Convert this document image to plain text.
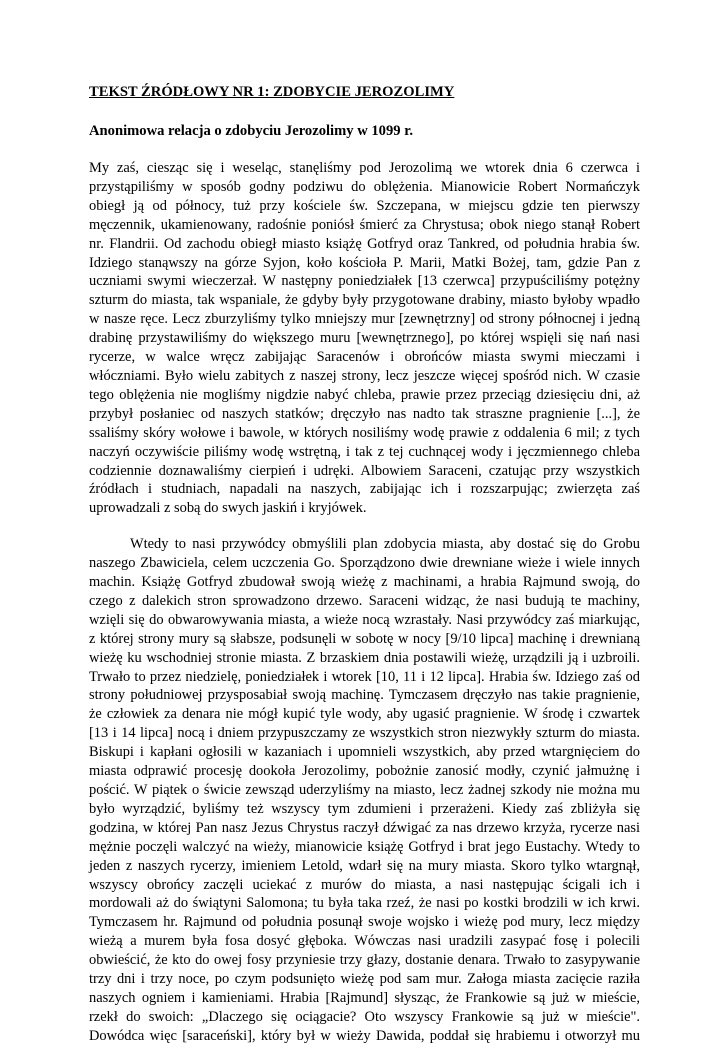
TEKST ŹRÓDŁOWY NR 1: ZDOBYCIE JEROZOLIMY
Anonimowa relacja o zdobyciu Jerozolimy w 1099 r.
My zaś, ciesząc się i weseląc, stanęliśmy pod Jerozolimą we wtorek dnia 6 czerwca i
przystąpiliśmy w sposób godny podziwu do oblężenia. Mianowicie Robert Normańczyk
obiegł ją od północy, tuż przy kościele św. Szczepana, w miejscu gdzie ten pierwszy
męczennik, ukamienowany, radośnie poniósł śmierć za Chrystusa; obok niego stanął Robert
nr. Flandrii. Od zachodu obiegł miasto książę Gotfryd oraz Tankred, od południa hrabia św.
Idziego stanąwszy na górze Syjon, koło kościoła P. Marii, Matki Bożej, tam, gdzie Pan z
uczniami swymi wieczerzał. W następny poniedziałek [13 czerwca] przypuściliśmy potężny
szturm do miasta, tak wspaniale, że gdyby były przygotowane drabiny, miasto byłoby wpadło
w nasze ręce. Lecz zburzyliśmy tylko mniejszy mur [zewnętrzny] od strony północnej i jedną
drabinę przystawiliśmy do większego muru [wewnętrznego], po której wspięli się nań nasi
rycerze, w walce wręcz zabijając Saracenów i obrońców miasta swymi mieczami i
włóczniami. Było wielu zabitych z naszej strony, lecz jeszcze więcej spośród nich. W czasie
tego oblężenia nie mogliśmy nigdzie nabyć chleba, prawie przez przeciąg dziesięciu dni, aż
przybył posłaniec od naszych statków; dręczyło nas nadto tak straszne pragnienie [...], że
ssaliśmy skóry wołowe i bawole, w których nosiliśmy wodę prawie z oddalenia 6 mil; z tych
naczyń oczywiście piliśmy wodę wstrętną, i tak z tej cuchnącej wody i jęczmiennego chleba
codziennie doznawaliśmy cierpień i udręki. Albowiem Saraceni, czatując przy wszystkich
źródłach i studniach, napadali na naszych, zabijając ich i rozszarpując; zwierzęta zaś
uprowadzali z sobą do swych jaskiń i kryjówek.
Wtedy to nasi przywódcy obmyślili plan zdobycia miasta, aby dostać się do Grobu
naszego Zbawiciela, celem uczczenia Go. Sporządzono dwie drewniane wieże i wiele innych
machin. Książę Gotfryd zbudował swoją wieżę z machinami, a hrabia Rajmund swoją, do
czego z dalekich stron sprowadzono drzewo. Saraceni widząc, że nasi budują te machiny,
wzięli się do obwarowywania miasta, a wieże nocą wzrastały. Nasi przywódcy zaś miarkując,
z której strony mury są słabsze, podsunęli w sobotę w nocy [9/10 lipca] machinę i drewnianą
wieżę ku wschodniej stronie miasta. Z brzaskiem dnia postawili wieżę, urządzili ją i uzbroili.
Trwało to przez niedzielę, poniedziałek i wtorek [10, 11 i 12 lipca]. Hrabia św. Idziego zaś od
strony południowej przysposabiał swoją machinę. Tymczasem dręczyło nas takie pragnienie,
że człowiek za denara nie mógł kupić tyle wody, aby ugasić pragnienie. W środę i czwartek
[13 i 14 lipca] nocą i dniem przypuszczamy ze wszystkich stron niezwykły szturm do miasta.
Biskupi i kapłani ogłosili w kazaniach i upomnieli wszystkich, aby przed wtargnięciem do
miasta odprawić procesję dookoła Jerozolimy, pobożnie zanosić modły, czynić jałmużnę i
pościć. W piątek o świcie zewsząd uderzyliśmy na miasto, lecz żadnej szkody nie można mu
było wyrządzić, byliśmy też wszyscy tym zdumieni i przerażeni. Kiedy zaś zbliżyła się
godzina, w której Pan nasz Jezus Chrystus raczył dźwigać za nas drzewo krzyża, rycerze nasi
mężnie poczęli walczyć na wieży, mianowicie książę Gotfryd i brat jego Eustachy. Wtedy to
jeden z naszych rycerzy, imieniem Letold, wdarł się na mury miasta. Skoro tylko wtargnął,
wszyscy obrońcy zaczęli uciekać z murów do miasta, a nasi następując ścigali ich i
mordowali aż do świątyni Salomona; tu była taka rzeź, że nasi po kostki brodzili w ich krwi.
Tymczasem hr. Rajmund od południa posunął swoje wojsko i wieżę pod mury, lecz między
wieżą a murem była fosa dosyć głęboka. Wówczas nasi uradzili zasypać fosę i polecili
obwieścić, że kto do owej fosy przyniesie trzy głazy, dostanie denara. Trwało to zasypywanie
trzy dni i trzy noce, po czym podsunięto wieżę pod sam mur. Załoga miasta zacięcie raziła
naszych ogniem i kamieniami. Hrabia [Rajmund] słysząc, że Frankowie są już w mieście,
rzekł do swoich: „Dlaczego się ociągacie? Oto wszyscy Frankowie są już w mieście".
Dowódca więc [saraceński], który był w wieży Dawida, poddał się hrabiemu i otworzył mu
